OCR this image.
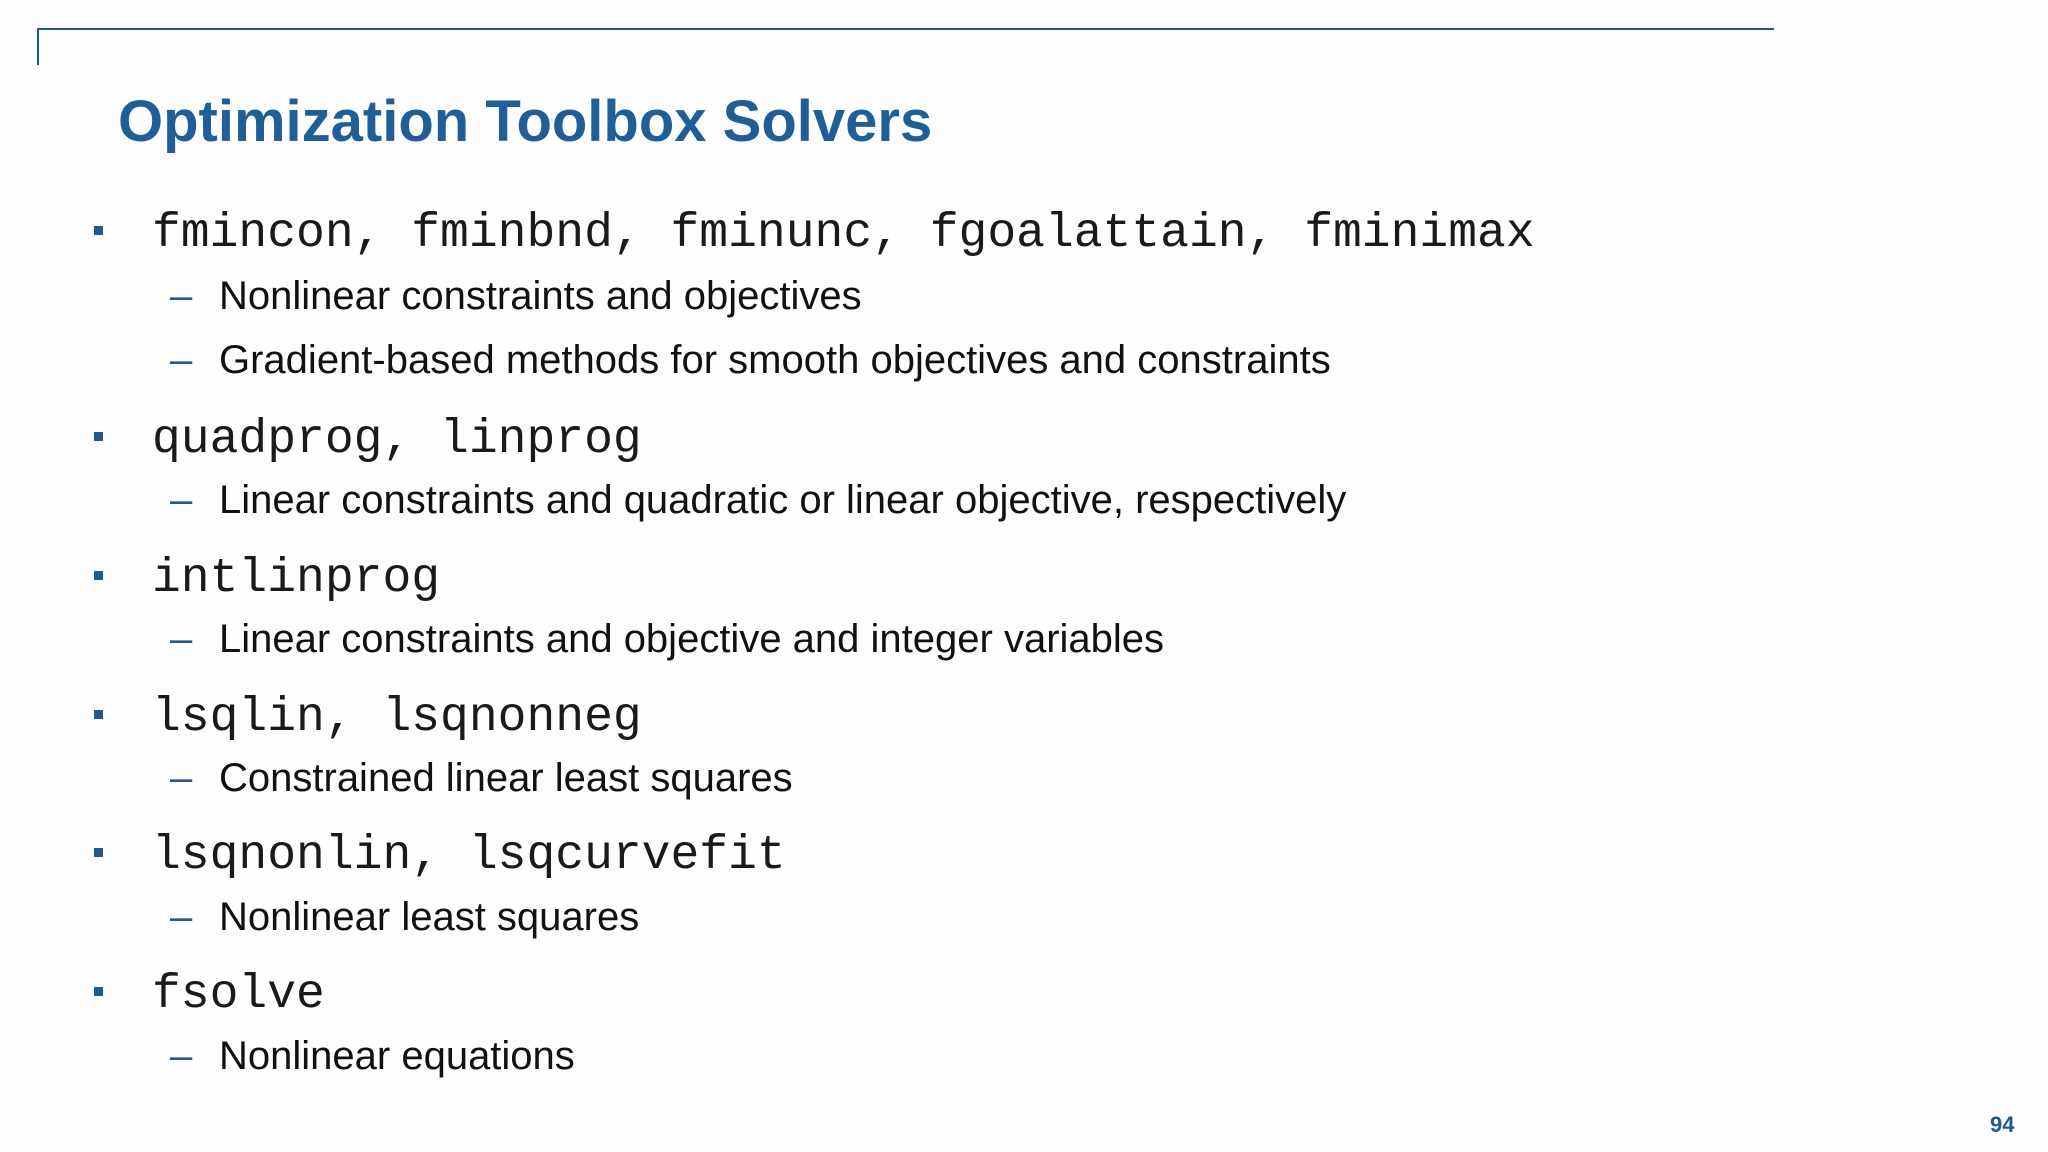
Optimization Toolbox Solvers
fmincon, fminbnd, fminunc, fgoalattain, fminimax
– Nonlinear constraints and objectives
– Gradient-based methods for smooth objectives and constraints
quadprog, linprog
– Linear constraints and quadratic or linear objective, respectively
intlinprog
– Linear constraints and objective and integer variables
lsqlin, lsqnonneg
– Constrained linear least squares
lsqnonlin, lsqcurvefit
– Nonlinear least squares
fsolve
– Nonlinear equations
94
